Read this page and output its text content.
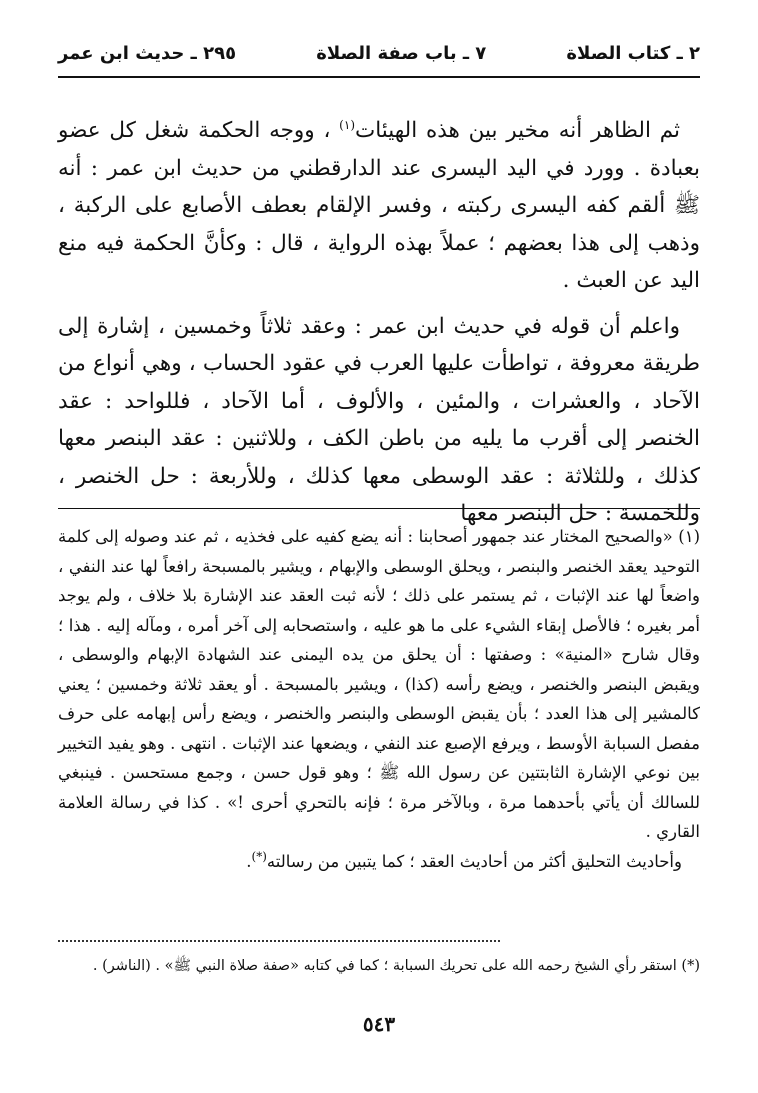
٢ ـ كتاب الصلاة
٧ ـ باب صفة الصلاة
٢٩٥ ـ حديث ابن عمر

ثم الظاهر أنه مخير بين هذه الهيئات$^{(١)}$ ، ووجه الحكمة شغل كل عضو بعبادة . وورد في اليد اليسرى عند الدارقطني من حديث ابن عمر : أنه ﷺ ألقم كفه اليسرى ركبته ، وفسر الإلقام بعطف الأصابع على الركبة ، وذهب إلى هذا بعضهم ؛ عملاً بهذه الرواية ، قال : وكأنَّ الحكمة فيه منع اليد عن العبث .

واعلم أن قوله في حديث ابن عمر : وعقد ثلاثاً وخمسين ، إشارة إلى طريقة معروفة ، تواطأت عليها العرب في عقود الحساب ، وهي أنواع من الآحاد ، والعشرات ، والمئين ، والألوف ، أما الآحاد ، فللواحد : عقد الخنصر إلى أقرب ما يليه من باطن الكف ، وللاثنين : عقد البنصر معها كذلك ، وللثلاثة : عقد الوسطى معها كذلك ، وللأربعة : حل الخنصر ، وللخمسة : حل البنصر معها

(١) «والصحيح المختار عند جمهور أصحابنا : أنه يضع كفيه على فخذيه ، ثم عند وصوله إلى كلمة التوحيد يعقد الخنصر والبنصر ، ويحلق الوسطى والإبهام ، ويشير بالمسبحة رافعاً لها عند النفي ، واضعاً لها عند الإثبات ، ثم يستمر على ذلك ؛ لأنه ثبت العقد عند الإشارة بلا خلاف ، ولم يوجد أمر بغيره ؛ فالأصل إبقاء الشيء على ما هو عليه ، واستصحابه إلى آخر أمره ، ومآله إليه . هذا ؛ وقال شارح «المنية» : وصفتها : أن يحلق من يده اليمنى عند الشهادة الإبهام والوسطى ، ويقبض البنصر والخنصر ، ويضع رأسه (كذا) ، ويشير بالمسبحة . أو يعقد ثلاثة وخمسين ؛ يعني كالمشير إلى هذا العدد ؛ بأن يقبض الوسطى والبنصر والخنصر ، ويضع رأس إبهامه على حرف مفصل السبابة الأوسط ، ويرفع الإصبع عند النفي ، ويضعها عند الإثبات . انتهى . وهو يفيد التخيير بين نوعي الإشارة الثابتتين عن رسول الله ﷺ ؛ وهو قول حسن ، وجمع مستحسن . فينبغي للسالك أن يأتي بأحدهما مرة ، وبالآخر مرة ؛ فإنه بالتحري أحرى !» . كذا في رسالة العلامة القاري .

وأحاديث التحليق أكثر من أحاديث العقد ؛ كما يتبين من رسالته(*).

(*) استقر رأي الشيخ رحمه الله على تحريك السبابة ؛ كما في كتابه «صفة صلاة النبي ﷺ» . (الناشر) .
٥٤٣
